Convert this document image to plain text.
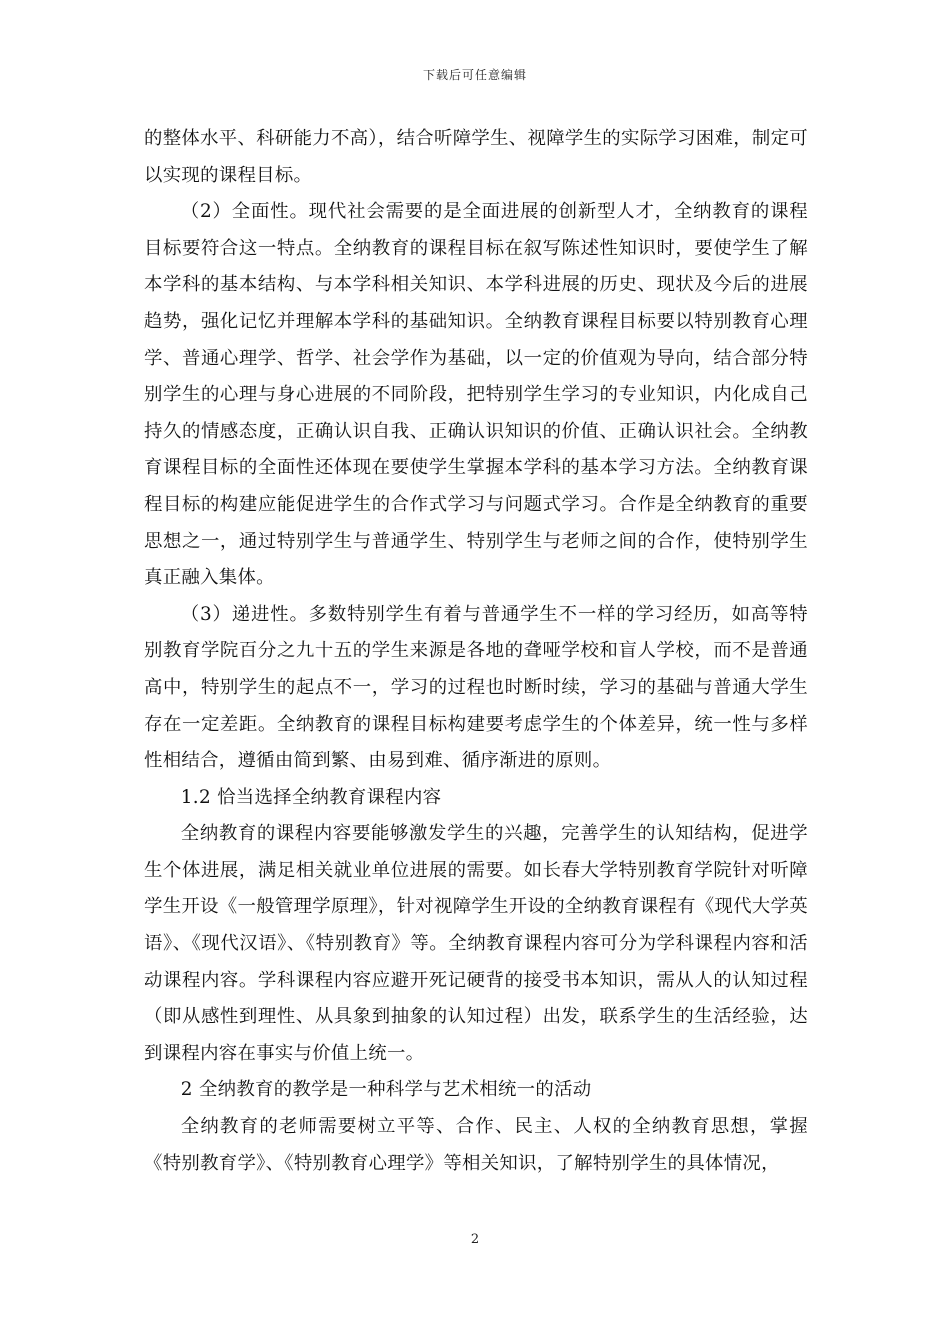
下载后可任意编辑

的整体水平、科研能力不高），结合听障学生、视障学生的实际学习困难，制定可以实现的课程目标。

（2）全面性。现代社会需要的是全面进展的创新型人才，全纳教育的课程目标要符合这一特点。全纳教育的课程目标在叙写陈述性知识时，要使学生了解本学科的基本结构、与本学科相关知识、本学科进展的历史、现状及今后的进展趋势，强化记忆并理解本学科的基础知识。全纳教育课程目标要以特别教育心理学、普通心理学、哲学、社会学作为基础，以一定的价值观为导向，结合部分特别学生的心理与身心进展的不同阶段，把特别学生学习的专业知识，内化成自己持久的情感态度，正确认识自我、正确认识知识的价值、正确认识社会。全纳教育课程目标的全面性还体现在要使学生掌握本学科的基本学习方法。全纳教育课程目标的构建应能促进学生的合作式学习与问题式学习。合作是全纳教育的重要思想之一，通过特别学生与普通学生、特别学生与老师之间的合作，使特别学生真正融入集体。

（3）递进性。多数特别学生有着与普通学生不一样的学习经历，如高等特别教育学院百分之九十五的学生来源是各地的聋哑学校和盲人学校，而不是普通高中，特别学生的起点不一，学习的过程也时断时续，学习的基础与普通大学生存在一定差距。全纳教育的课程目标构建要考虑学生的个体差异，统一性与多样性相结合，遵循由简到繁、由易到难、循序渐进的原则。

1.2 恰当选择全纳教育课程内容

全纳教育的课程内容要能够激发学生的兴趣，完善学生的认知结构，促进学生个体进展，满足相关就业单位进展的需要。如长春大学特别教育学院针对听障学生开设《一般管理学原理》，针对视障学生开设的全纳教育课程有《现代大学英语》、《现代汉语》、《特别教育》等。全纳教育课程内容可分为学科课程内容和活动课程内容。学科课程内容应避开死记硬背的接受书本知识，需从人的认知过程（即从感性到理性、从具象到抽象的认知过程）出发，联系学生的生活经验，达到课程内容在事实与价值上统一。

2 全纳教育的教学是一种科学与艺术相统一的活动

全纳教育的老师需要树立平等、合作、民主、人权的全纳教育思想，掌握《特别教育学》、《特别教育心理学》等相关知识，了解特别学生的具体情况，

2
